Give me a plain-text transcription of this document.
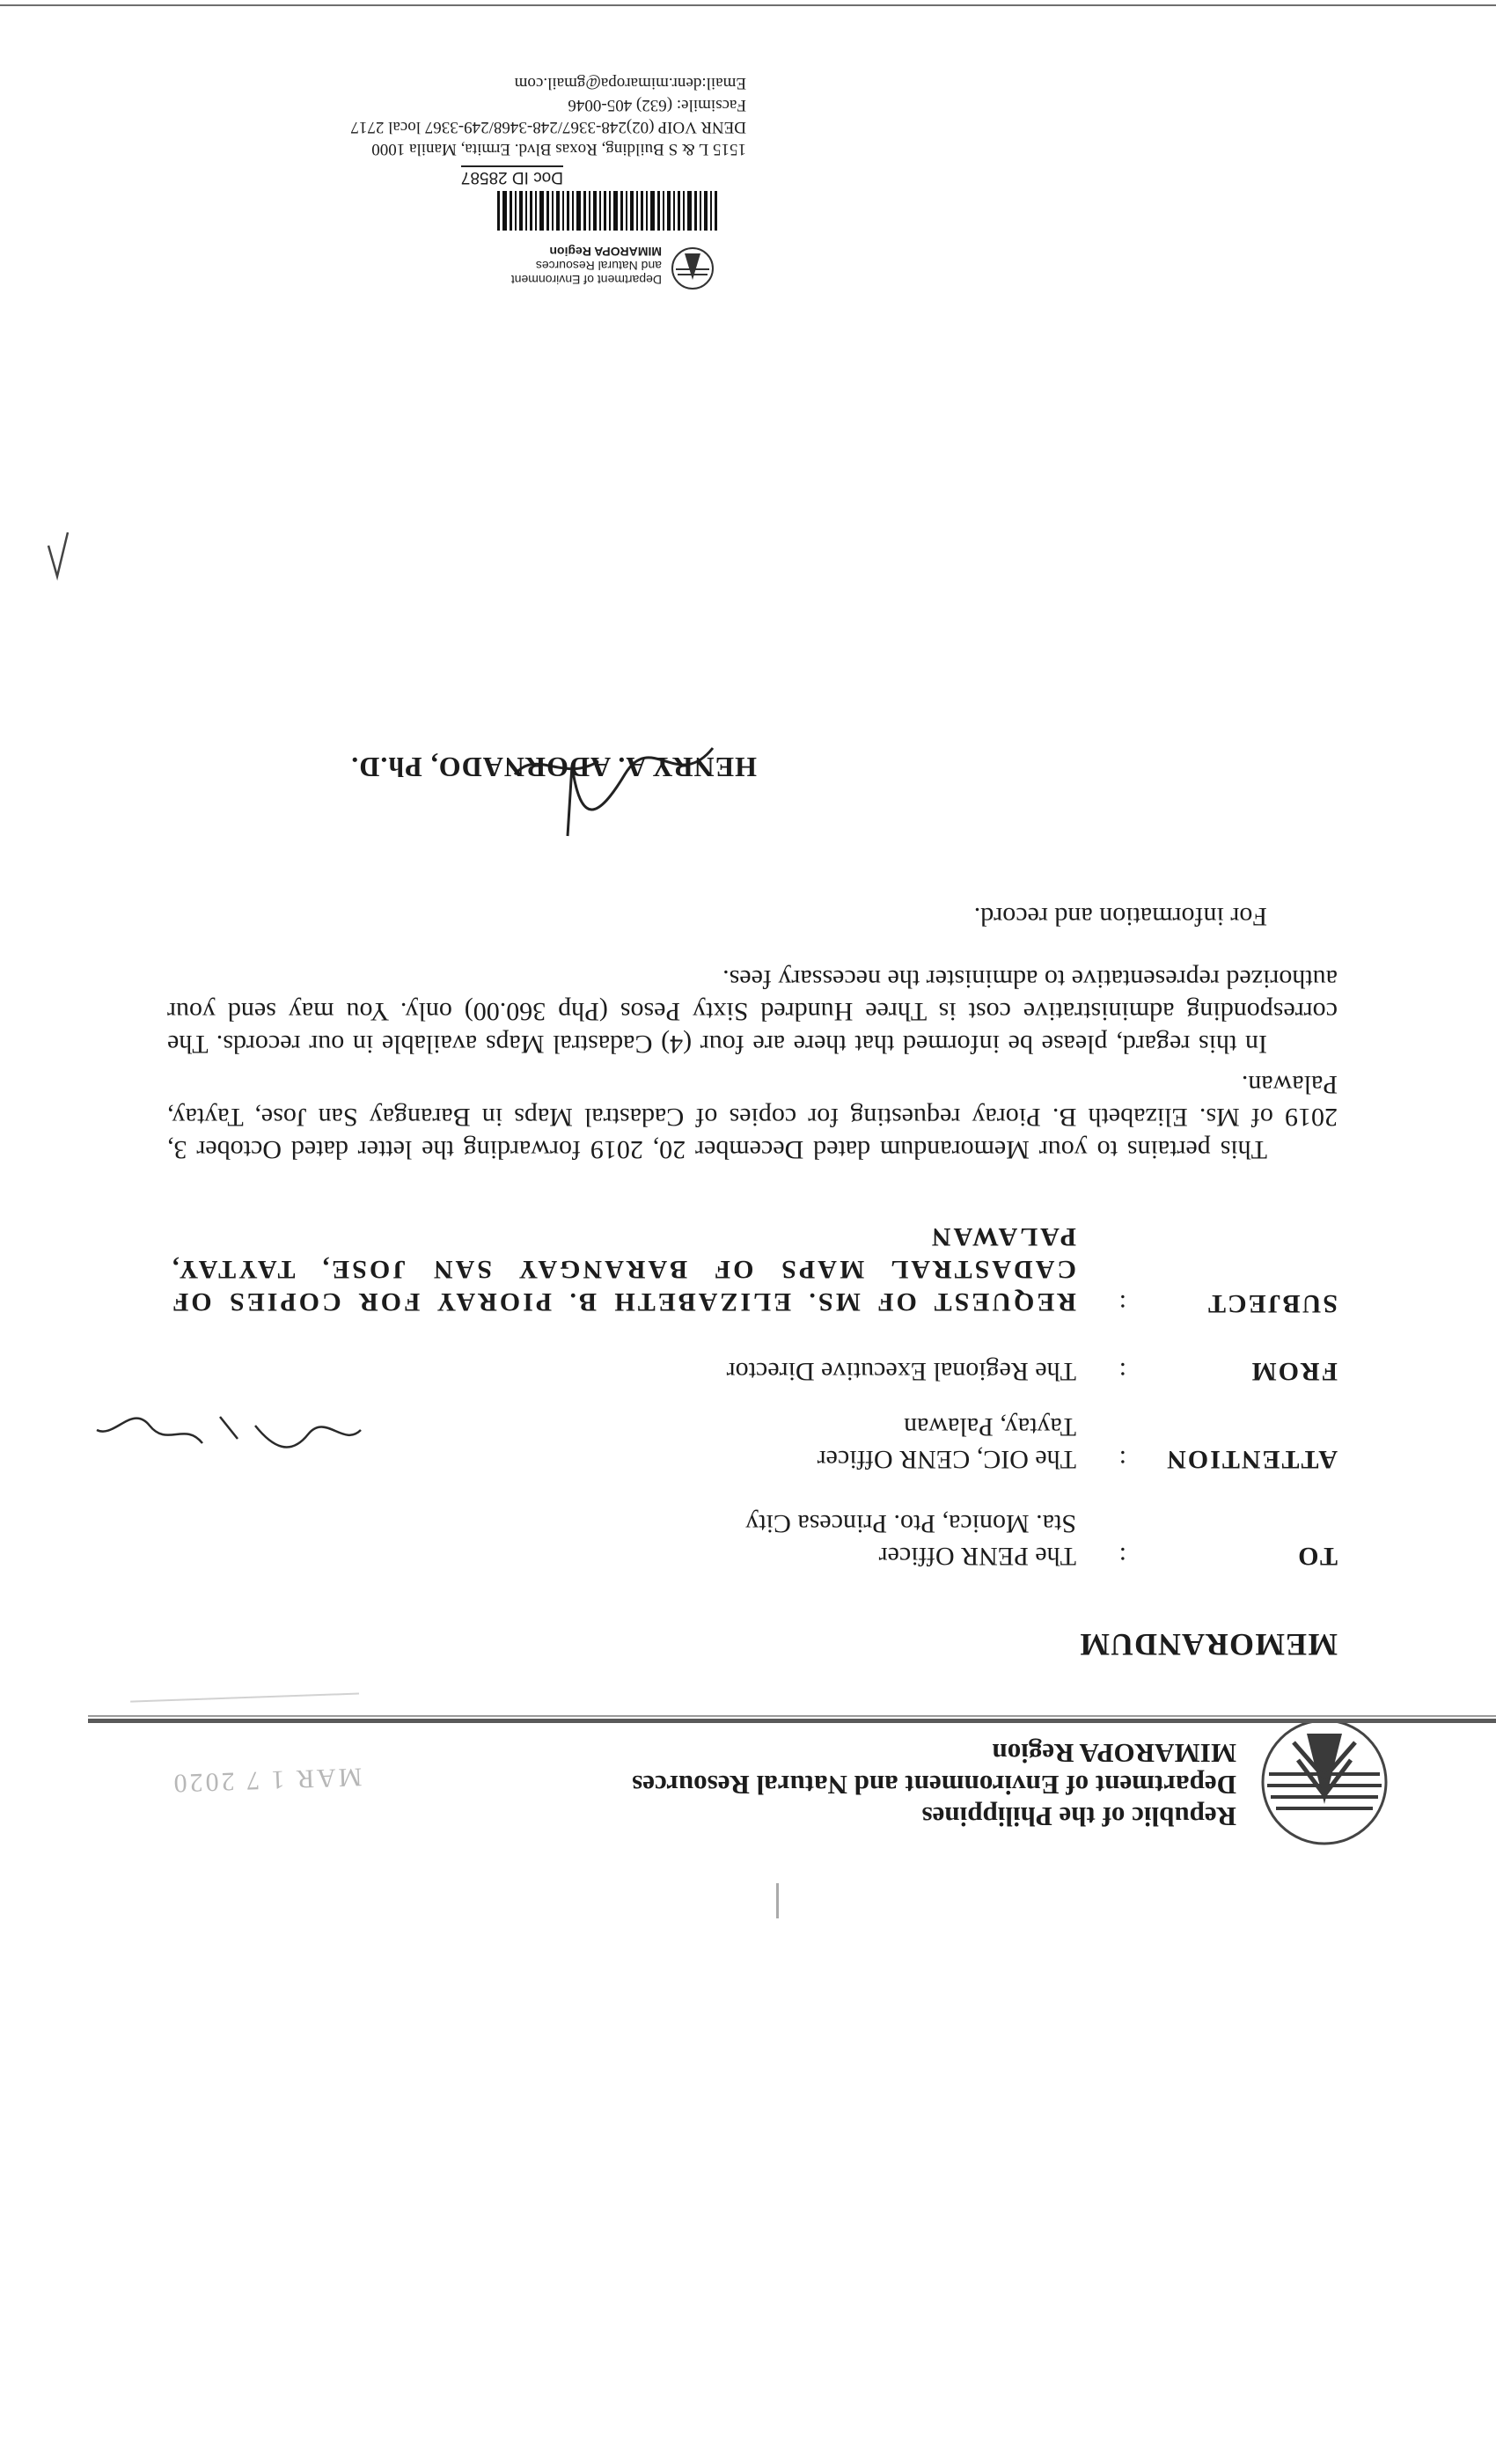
Republic of the Philippines
Department of Environment and Natural Resources
MIMAROPA Region
MAR 1 7 2020
MEMORANDUM
TO
:
The PENR Officer
Sta. Monica, Pto. Princesa City
ATTENTION
:
The OIC, CENR Officer
Taytay, Palawan
FROM
:
The Regional Executive Director
SUBJECT
:
REQUEST OF MS. ELIZABETH B. PIORAY FOR COPIES OF CADASTRAL MAPS OF BARANGAY SAN JOSE, TAYTAY, PALAWAN
This pertains to your Memorandum dated December 20, 2019 forwarding the letter dated October 3, 2019 of Ms. Elizabeth B. Pioray requesting for copies of Cadastral Maps in Barangay San Jose, Taytay, Palawan.
In this regard, please be informed that there are four (4) Cadastral Maps available in our records. The corresponding administrative cost is Three Hundred Sixty Pesos (Php 360.00) only. You may send your authorized representative to administer the necessary fees.
For information and record.
HENRY A. ADORNADO, Ph.D.
Department of Environment
and Natural Resources
MIMAROPA Region
Doc ID 28587
1515 L & S Building, Roxas Blvd. Ermita, Manila 1000
DENR VOIP (02)248-3367/248-3468/249-3367 local 2717
Facsimile: (632) 405-0046
Email:denr.mimaropa@gmail.com
